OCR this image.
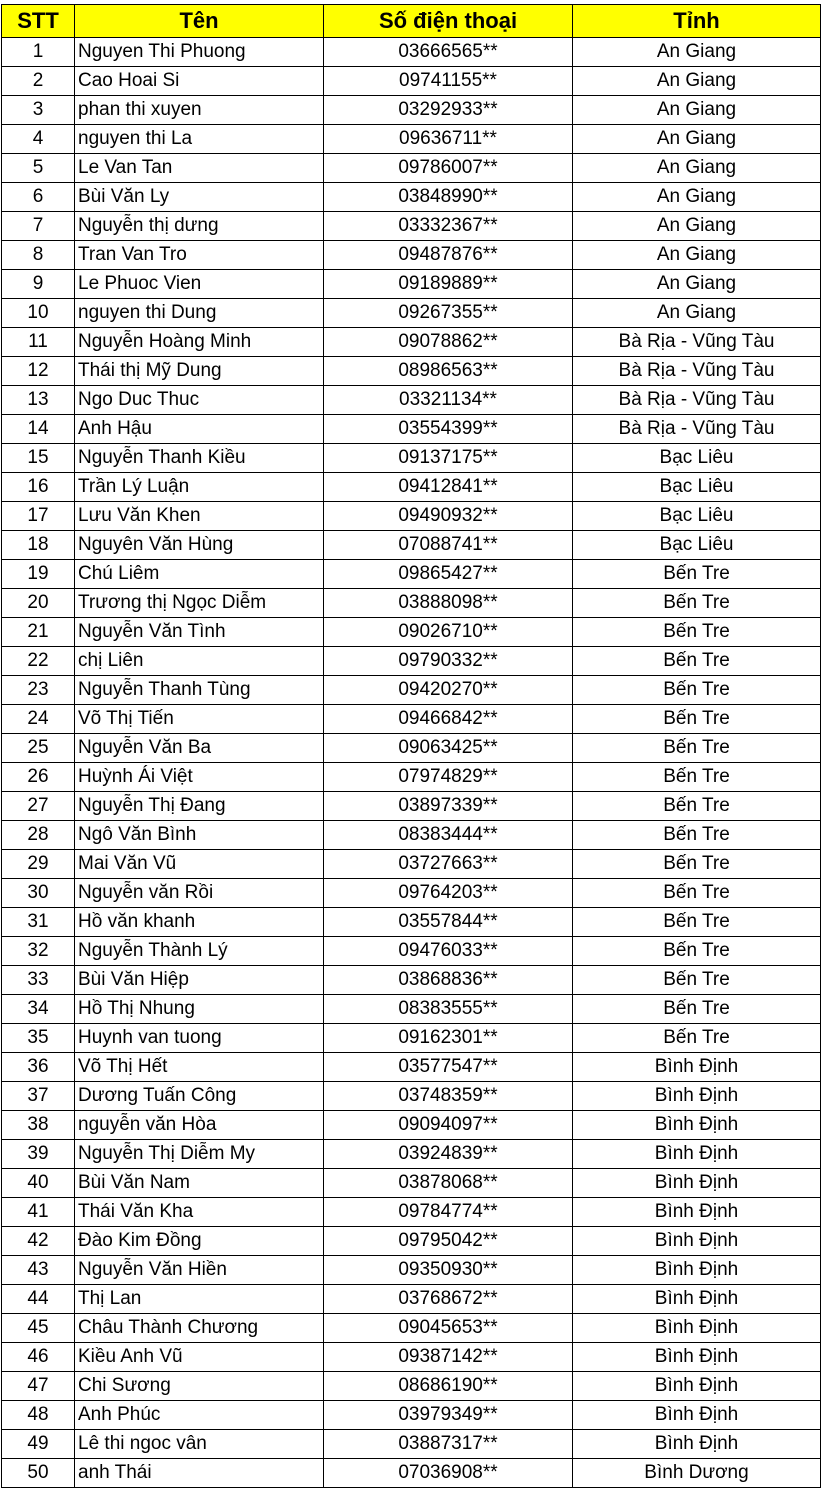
STT	Tên	Số điện thoại	Tỉnh
1	Nguyen Thi Phuong	03666565**	An Giang
2	Cao Hoai Si	09741155**	An Giang
3	phan thi xuyen	03292933**	An Giang
4	nguyen thi La	09636711**	An Giang
5	Le Van Tan	09786007**	An Giang
6	Bùi Văn Ly	03848990**	An Giang
7	Nguyễn thị dưng	03332367**	An Giang
8	Tran Van Tro	09487876**	An Giang
9	Le Phuoc Vien	09189889**	An Giang
10	nguyen thi Dung	09267355**	An Giang
11	Nguyễn Hoàng Minh	09078862**	Bà Rịa - Vũng Tàu
12	Thái thị Mỹ Dung	08986563**	Bà Rịa - Vũng Tàu
13	Ngo Duc Thuc	03321134**	Bà Rịa - Vũng Tàu
14	Anh Hậu	03554399**	Bà Rịa - Vũng Tàu
15	Nguyễn Thanh Kiều	09137175**	Bạc Liêu
16	Trần Lý Luận	09412841**	Bạc Liêu
17	Lưu Văn Khen	09490932**	Bạc Liêu
18	Nguyên Văn Hùng	07088741**	Bạc Liêu
19	Chú Liêm	09865427**	Bến Tre
20	Trương thị Ngọc Diễm	03888098**	Bến Tre
21	Nguyễn Văn Tình	09026710**	Bến Tre
22	chị Liên	09790332**	Bến Tre
23	Nguyễn Thanh Tùng	09420270**	Bến Tre
24	Võ Thị Tiến	09466842**	Bến Tre
25	Nguyễn Văn Ba	09063425**	Bến Tre
26	Huỳnh Ái Việt	07974829**	Bến Tre
27	Nguyễn Thị Đang	03897339**	Bến Tre
28	Ngô Văn Bình	08383444**	Bến Tre
29	Mai Văn Vũ	03727663**	Bến Tre
30	Nguyễn văn Rồi	09764203**	Bến Tre
31	Hồ văn khanh	03557844**	Bến Tre
32	Nguyễn Thành Lý	09476033**	Bến Tre
33	Bùi Văn Hiệp	03868836**	Bến Tre
34	Hồ Thị Nhung	08383555**	Bến Tre
35	Huynh van tuong	09162301**	Bến Tre
36	Võ Thị Hết	03577547**	Bình Định
37	Dương Tuấn Công	03748359**	Bình Định
38	nguyễn văn Hòa	09094097**	Bình Định
39	Nguyễn Thị Diễm My	03924839**	Bình Định
40	Bùi Văn Nam	03878068**	Bình Định
41	Thái Văn Kha	09784774**	Bình Định
42	Đào Kim Đồng	09795042**	Bình Định
43	Nguyễn Văn Hiền	09350930**	Bình Định
44	Thị Lan	03768672**	Bình Định
45	Châu Thành Chương	09045653**	Bình Định
46	Kiều Anh Vũ	09387142**	Bình Định
47	Chi Sương	08686190**	Bình Định
48	Anh Phúc	03979349**	Bình Định
49	Lê thi ngoc vân	03887317**	Bình Định
50	anh Thái	07036908**	Bình Dương
